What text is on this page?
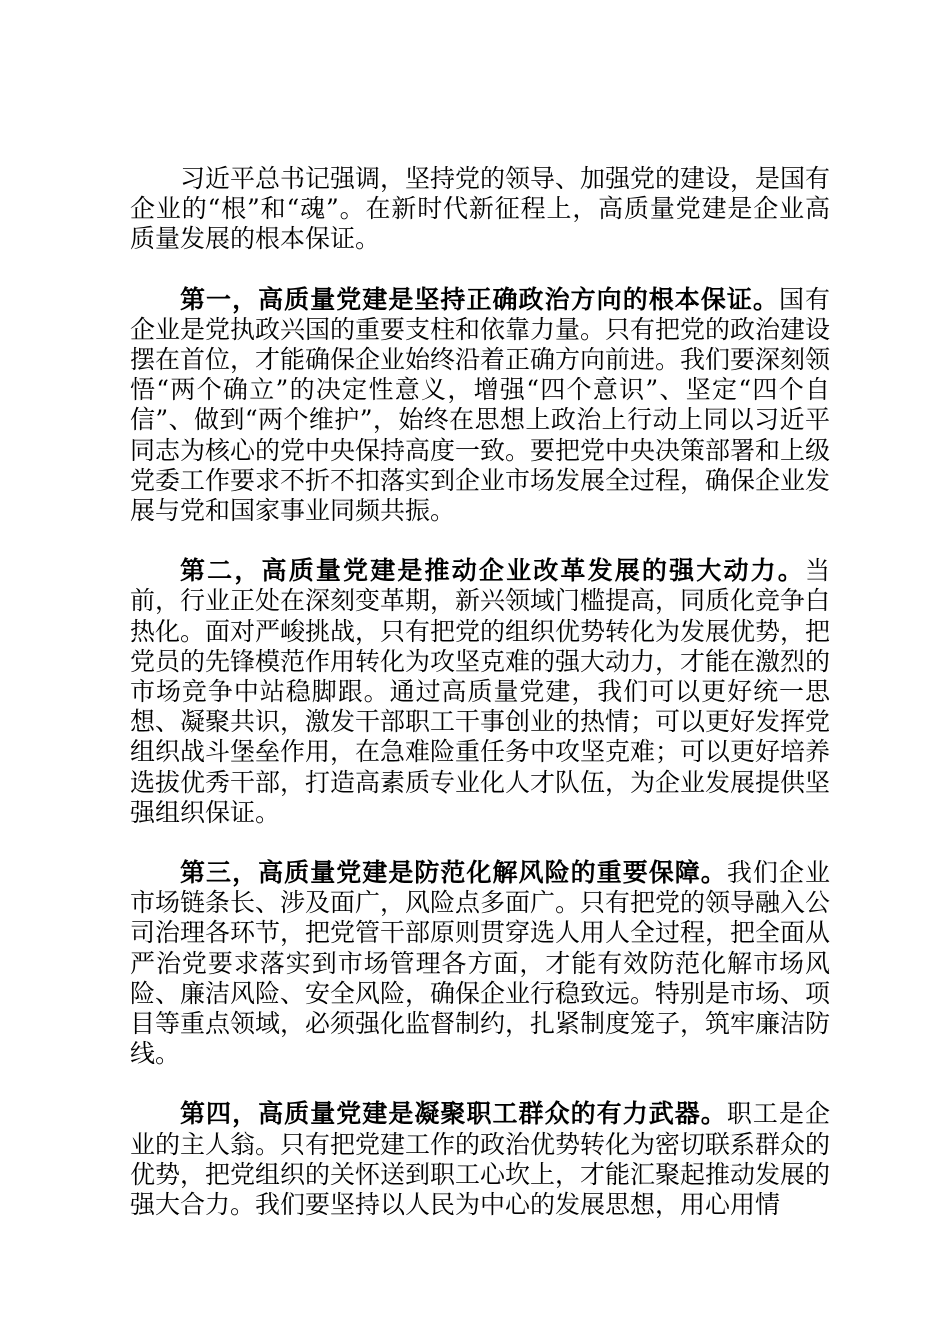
习近平总书记强调，坚持党的领导、加强党的建设，是国有企业的“根”和“魂”。在新时代新征程上，高质量党建是企业高质量发展的根本保证。

第一，高质量党建是坚持正确政治方向的根本保证。国有企业是党执政兴国的重要支柱和依靠力量。只有把党的政治建设摆在首位，才能确保企业始终沿着正确方向前进。我们要深刻领悟“两个确立”的决定性意义，增强“四个意识”、坚定“四个自信”、做到“两个维护”，始终在思想上政治上行动上同以习近平同志为核心的党中央保持高度一致。要把党中央决策部署和上级党委工作要求不折不扣落实到企业市场发展全过程，确保企业发展与党和国家事业同频共振。

第二，高质量党建是推动企业改革发展的强大动力。当前，行业正处在深刻变革期，新兴领域门槛提高，同质化竞争白热化。面对严峻挑战，只有把党的组织优势转化为发展优势，把党员的先锋模范作用转化为攻坚克难的强大动力，才能在激烈的市场竞争中站稳脚跟。通过高质量党建，我们可以更好统一思想、凝聚共识，激发干部职工干事创业的热情；可以更好发挥党组织战斗堡垒作用，在急难险重任务中攻坚克难；可以更好培养选拔优秀干部，打造高素质专业化人才队伍，为企业发展提供坚强组织保证。

第三，高质量党建是防范化解风险的重要保障。我们企业市场链条长、涉及面广，风险点多面广。只有把党的领导融入公司治理各环节，把党管干部原则贯穿选人用人全过程，把全面从严治党要求落实到市场管理各方面，才能有效防范化解市场风险、廉洁风险、安全风险，确保企业行稳致远。特别是市场、项目等重点领域，必须强化监督制约，扎紧制度笼子，筑牢廉洁防线。

第四，高质量党建是凝聚职工群众的有力武器。职工是企业的主人翁。只有把党建工作的政治优势转化为密切联系群众的优势，把党组织的关怀送到职工心坎上，才能汇聚起推动发展的强大合力。我们要坚持以人民为中心的发展思想，用心用情
